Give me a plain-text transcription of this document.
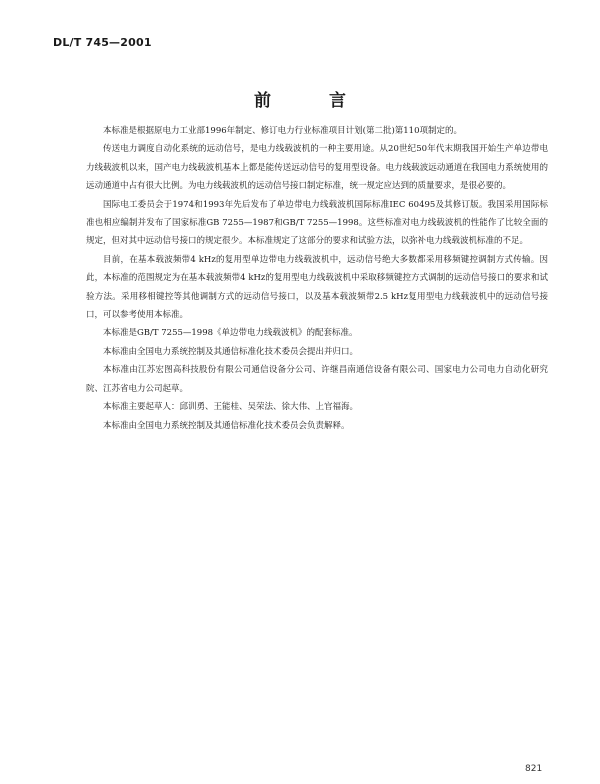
DL/T 745—2001
前 言

本标准是根据原电力工业部1996年制定、修订电力行业标准项目计划(第二批)第110项制定的。

传送电力调度自动化系统的远动信号，是电力线载波机的一种主要用途。从20世纪50年代末期我国开始生产单边带电力线载波机以来，国产电力线载波机基本上都是能传送远动信号的复用型设备。电力线载波远动通道在我国电力系统使用的远动通道中占有很大比例。为电力线载波机的远动信号接口制定标准，统一规定应达到的质量要求，是很必要的。

国际电工委员会于1974和1993年先后发布了单边带电力线载波机国际标准IEC 60495及其修订版。我国采用国际标准也相应编制并发布了国家标准GB 7255—1987和GB/T 7255—1998。这些标准对电力线载波机的性能作了比较全面的规定，但对其中远动信号接口的规定很少。本标准规定了这部分的要求和试验方法，以弥补电力线载波机标准的不足。

目前，在基本载波频带4 kHz的复用型单边带电力线载波机中，远动信号绝大多数都采用移频键控调制方式传输。因此，本标准的范围规定为在基本载波频带4 kHz的复用型电力线载波机中采取移频键控方式调制的远动信号接口的要求和试验方法。采用移相键控等其他调制方式的远动信号接口，以及基本载波频带2.5 kHz复用型电力线载波机中的远动信号接口，可以参考使用本标准。

本标准是GB/T 7255—1998《单边带电力线载波机》的配套标准。

本标准由全国电力系统控制及其通信标准化技术委员会提出并归口。

本标准由江苏宏图高科技股份有限公司通信设备分公司、许继昌南通信设备有限公司、国家电力公司电力自动化研究院、江苏省电力公司起草。

本标准主要起草人：邱训勇、王能桂、吴荣法、徐大伟、上官福海。

本标准由全国电力系统控制及其通信标准化技术委员会负责解释。

821
